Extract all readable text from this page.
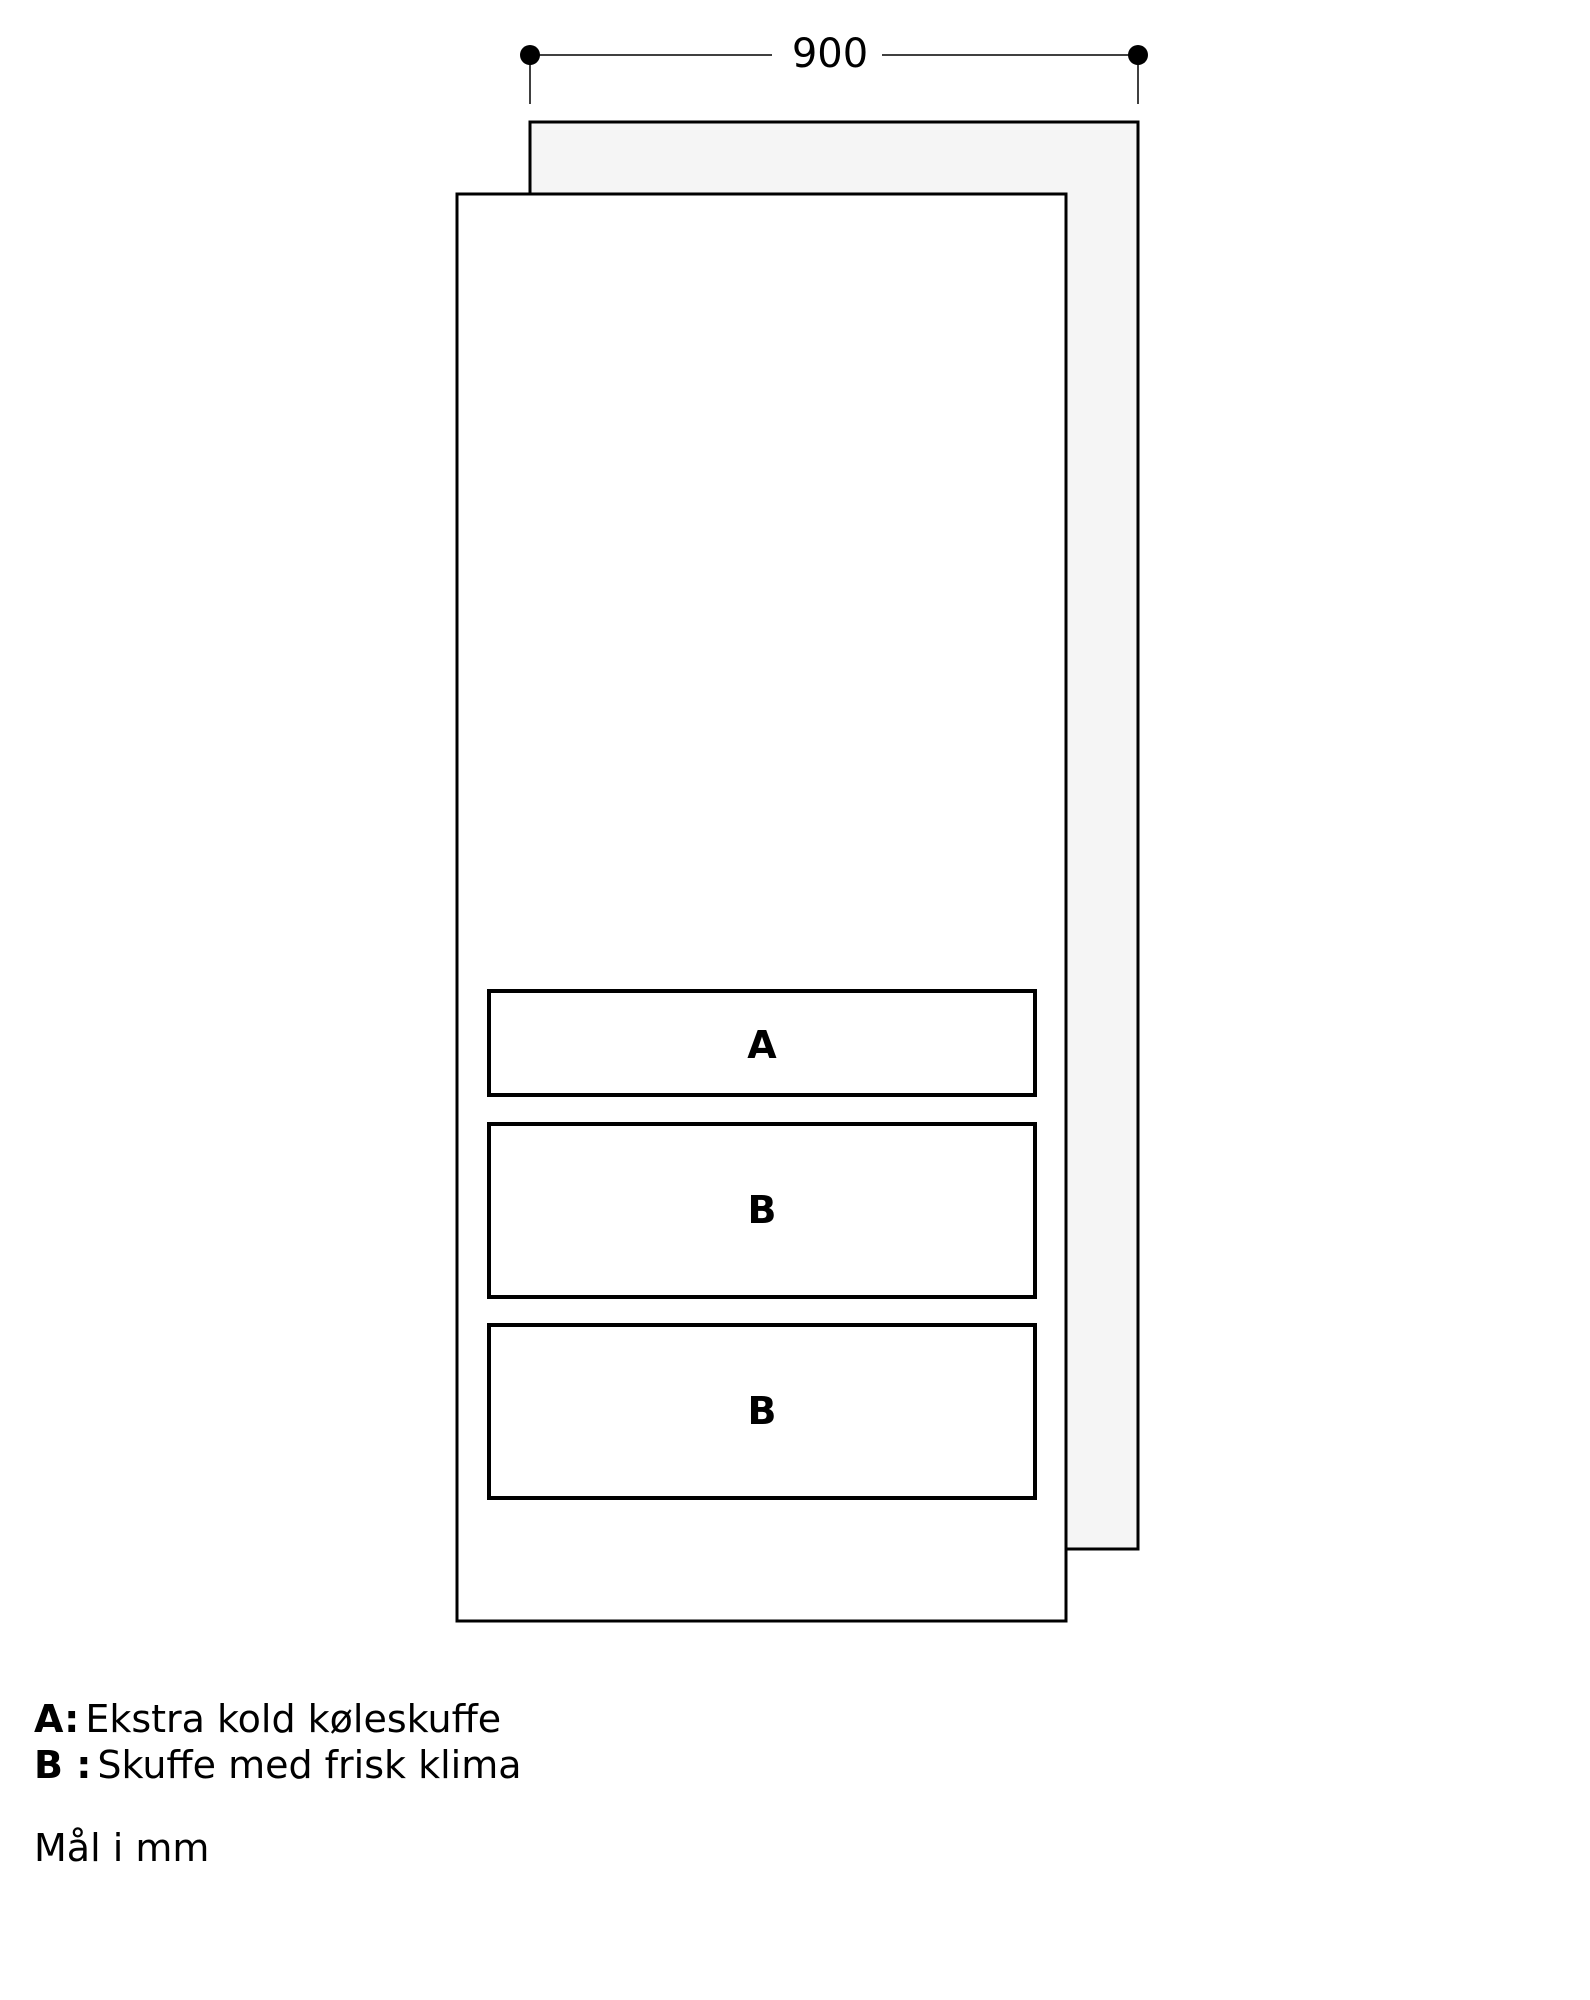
900
A
B
B
A: Ekstra kold køleskuffe
B : Skuffe med frisk klima
Mål i mm
